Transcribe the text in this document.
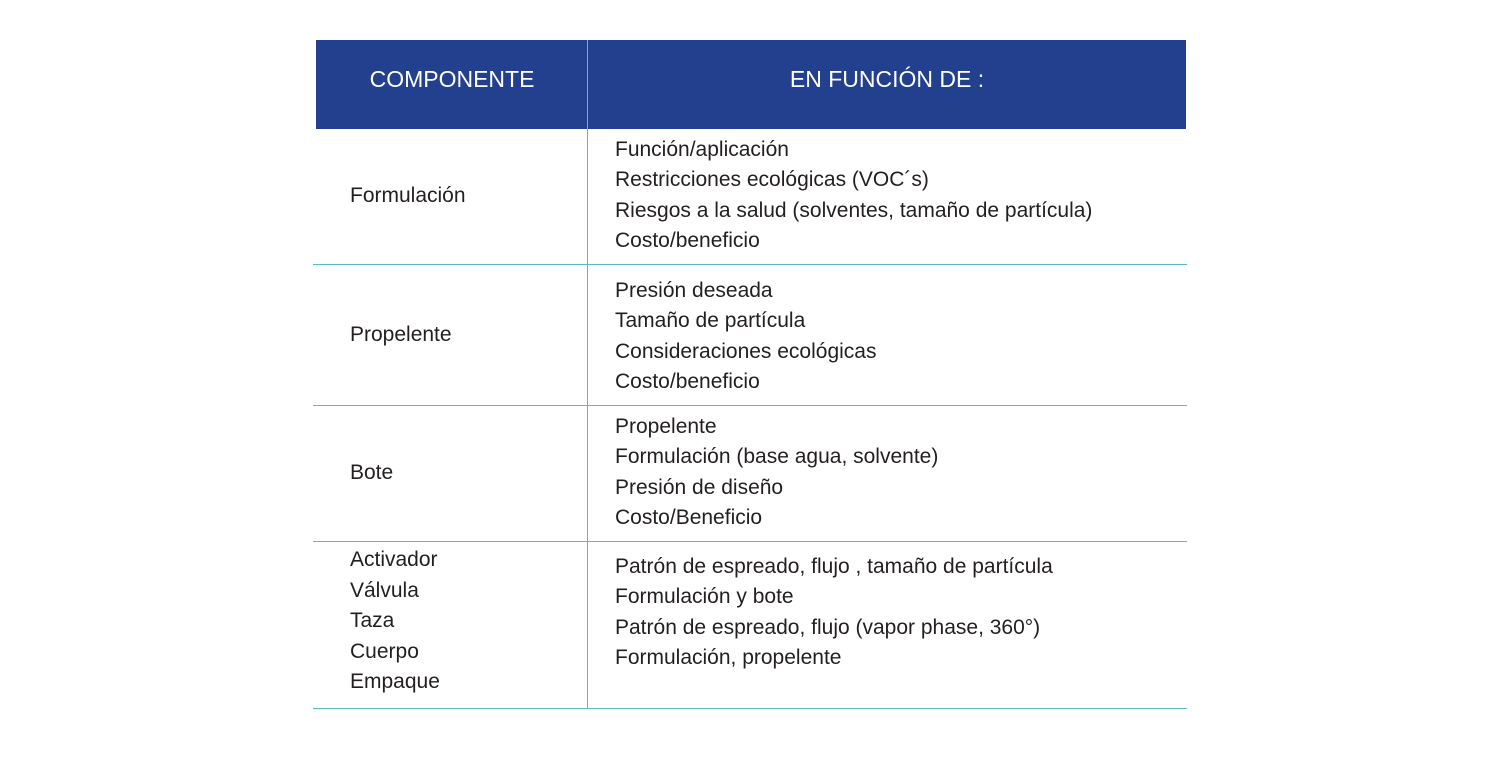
COMPONENTE	EN FUNCIÓN DE :
Formulación
Función/aplicación
Restricciones ecológicas (VOC´s)
Riesgos a la salud (solventes, tamaño de partícula)
Costo/beneficio
Propelente
Presión deseada
Tamaño de partícula
Consideraciones ecológicas
Costo/beneficio
Bote
Propelente
Formulación (base agua, solvente)
Presión de diseño
Costo/Beneficio
Activador
Válvula
Taza
Cuerpo
Empaque
Patrón de espreado, flujo , tamaño de partícula
Formulación y bote
Patrón de espreado, flujo (vapor phase, 360°)
Formulación, propelente
